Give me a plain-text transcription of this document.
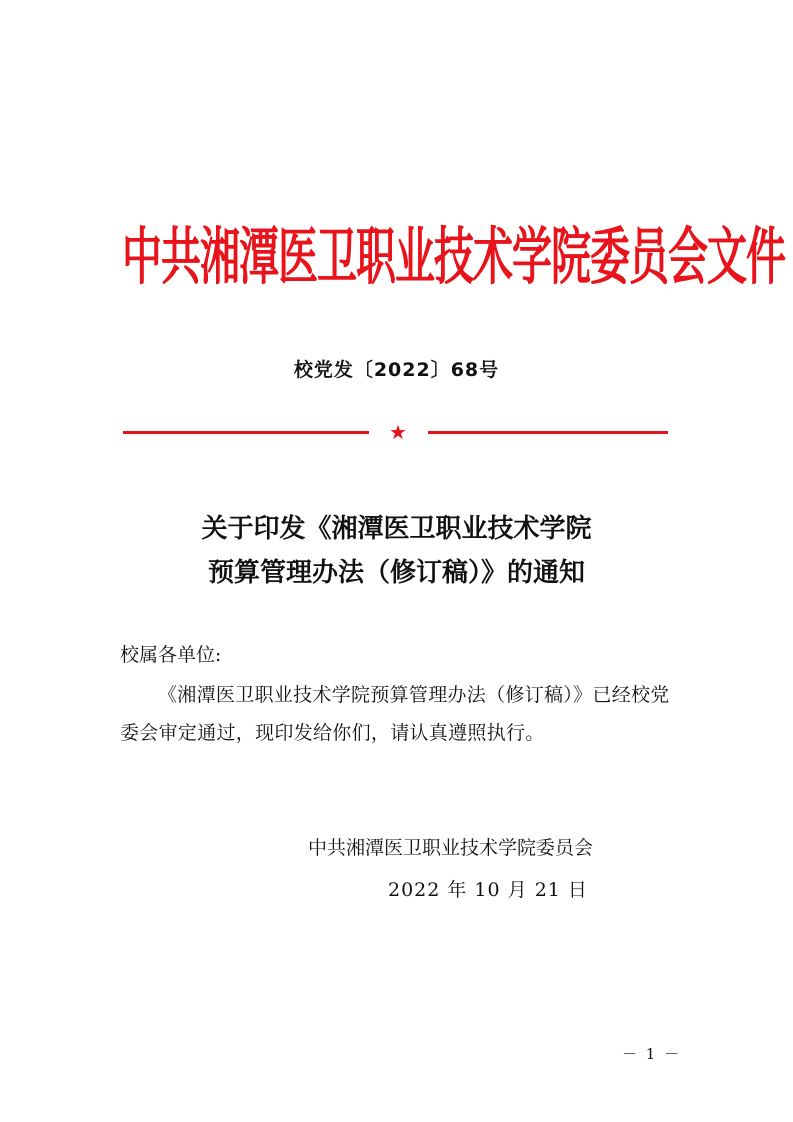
中共湘潭医卫职业技术学院委员会文件
校党发〔2022〕68号
★
关于印发《湘潭医卫职业技术学院
预算管理办法（修订稿）》的通知
校属各单位:
《湘潭医卫职业技术学院预算管理办法（修订稿）》已经校党委会审定通过，现印发给你们，请认真遵照执行。
中共湘潭医卫职业技术学院委员会
2022 年 10 月 21 日
－ 1 －
